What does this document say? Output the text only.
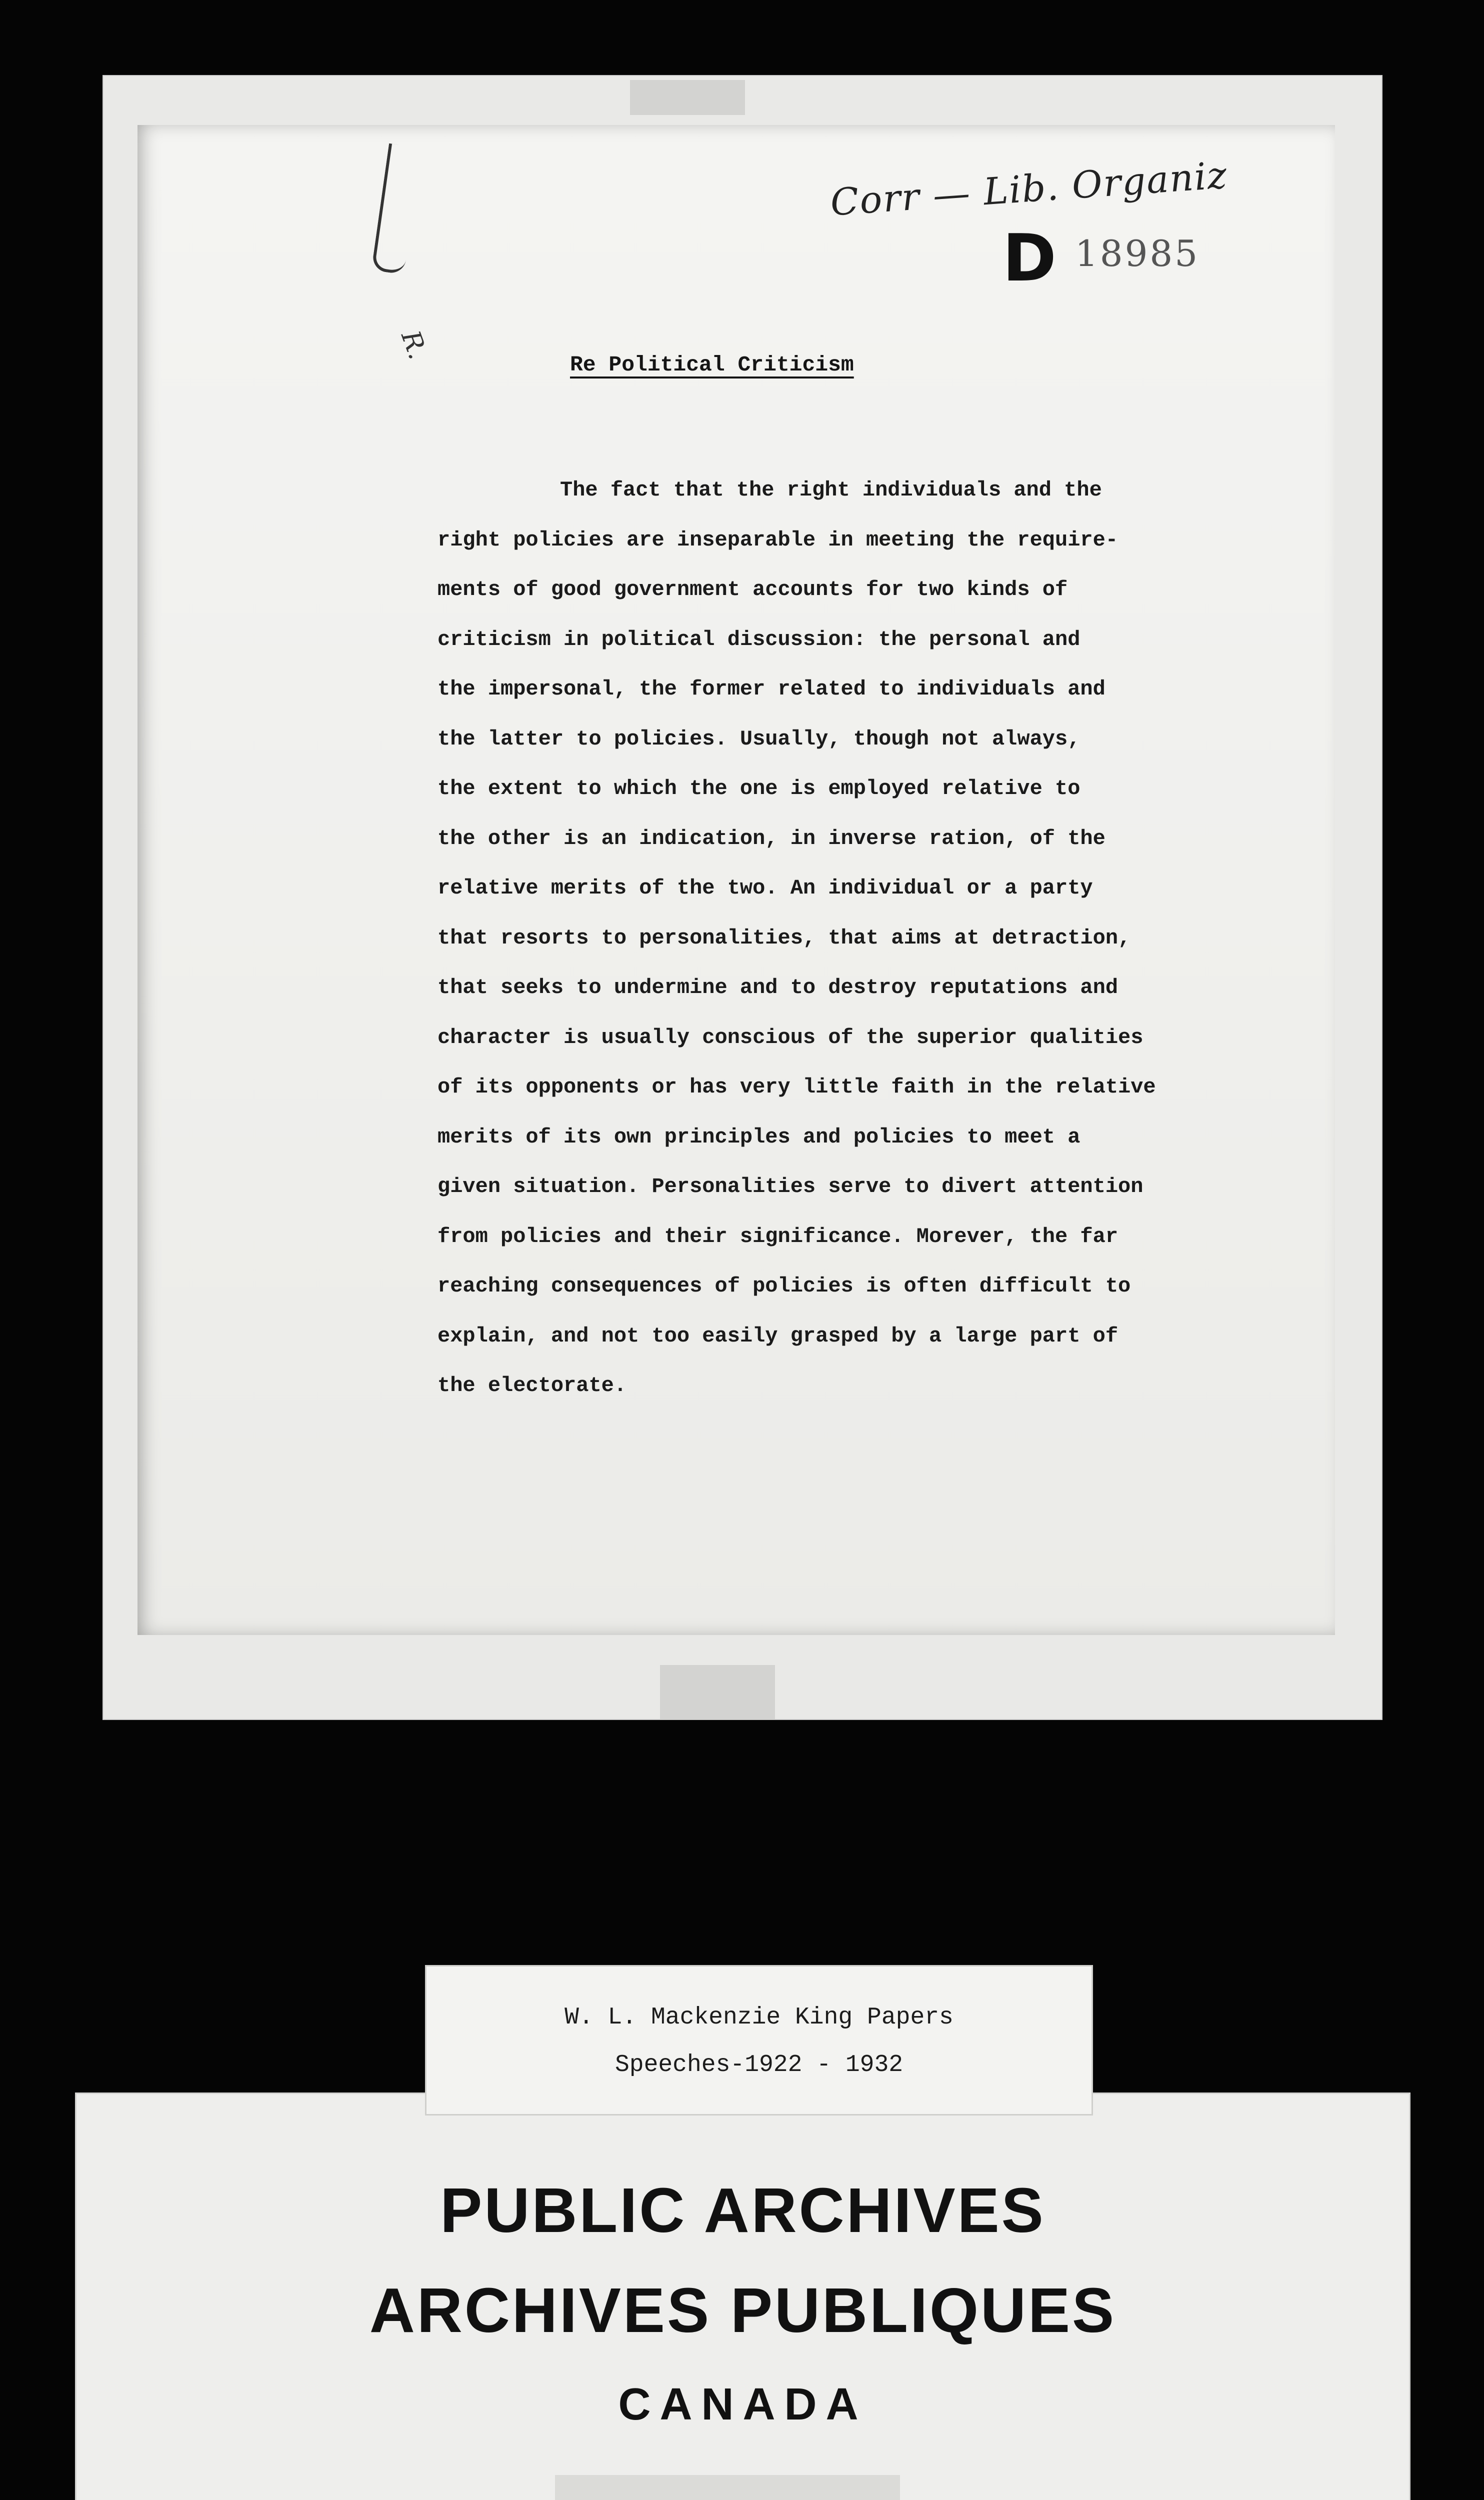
Corr — Lib. Organiz
D 18985
R.
Re Political Criticism
The fact that the right individuals and the
right policies are inseparable in meeting the require-
ments of good government accounts for two kinds of
criticism in political discussion: the personal and
the impersonal, the former related to individuals and
the latter to policies. Usually, though not always,
the extent to which the one is employed relative to
the other is an indication, in inverse ration, of the
relative merits of the two. An individual or a party
that resorts to personalities, that aims at detraction,
that seeks to undermine and to destroy reputations and
character is usually conscious of the superior qualities
of its opponents or has very little faith in the relative
merits of its own principles and policies to meet a
given situation. Personalities serve to divert attention
from policies and their significance. Morever, the far
reaching consequences of policies is often difficult to
explain, and not too easily grasped by a large part of
the electorate.
PUBLIC ARCHIVES
ARCHIVES PUBLIQUES
CANADA
W. L. Mackenzie King Papers
Speeches-1922 - 1932
